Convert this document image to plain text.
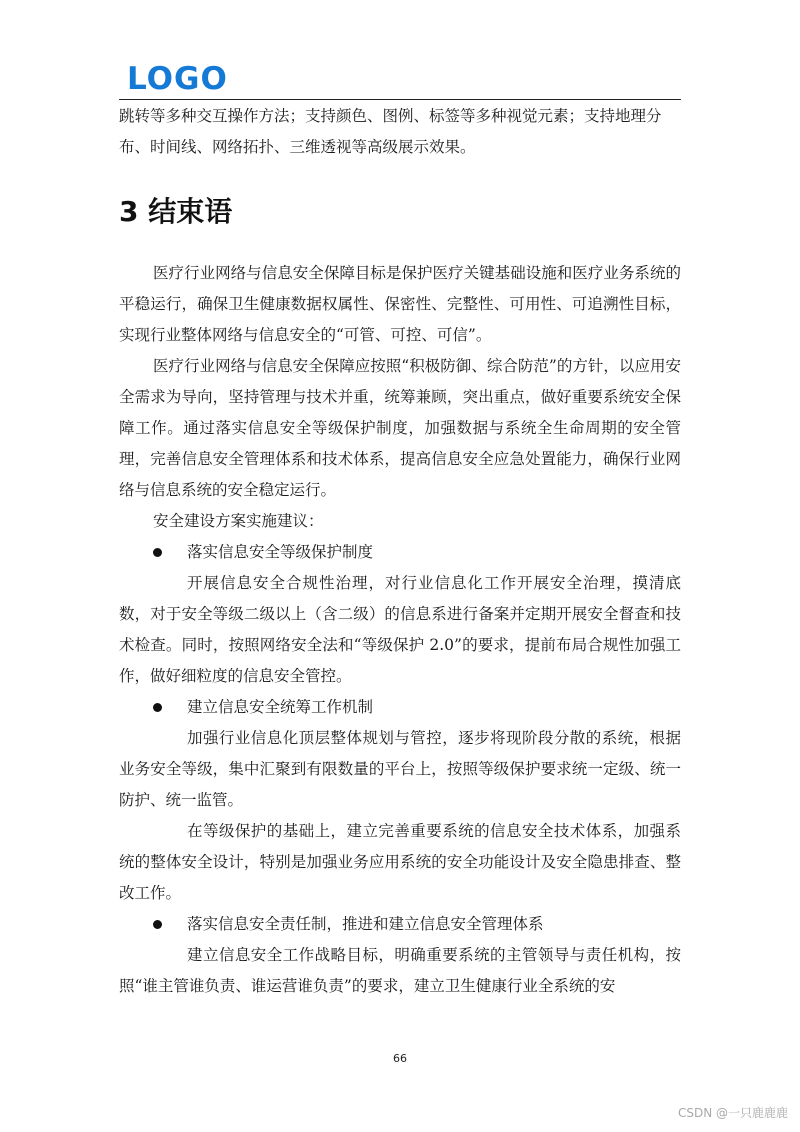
LOGO

跳转等多种交互操作方法；支持颜色、图例、标签等多种视觉元素；支持地理分

布、时间线、网络拓扑、三维透视等高级展示效果。

3 结束语

医疗行业网络与信息安全保障目标是保护医疗关键基础设施和医疗业务系统的平稳运行，确保卫生健康数据权属性、保密性、完整性、可用性、可追溯性目标，实现行业整体网络与信息安全的“可管、可控、可信”。

医疗行业网络与信息安全保障应按照“积极防御、综合防范”的方针，以应用安全需求为导向，坚持管理与技术并重，统筹兼顾，突出重点，做好重要系统安全保障工作。通过落实信息安全等级保护制度，加强数据与系统全生命周期的安全管理，完善信息安全管理体系和技术体系，提高信息安全应急处置能力，确保行业网络与信息系统的安全稳定运行。

安全建设方案实施建议：

落实信息安全等级保护制度

开展信息安全合规性治理，对行业信息化工作开展安全治理，摸清底数，对于安全等级二级以上（含二级）的信息系进行备案并定期开展安全督查和技术检查。同时，按照网络安全法和“等级保护 2.0”的要求，提前布局合规性加强工作，做好细粒度的信息安全管控。

建立信息安全统筹工作机制

加强行业信息化顶层整体规划与管控，逐步将现阶段分散的系统，根据业务安全等级，集中汇聚到有限数量的平台上，按照等级保护要求统一定级、统一防护、统一监管。

在等级保护的基础上，建立完善重要系统的信息安全技术体系，加强系统的整体安全设计，特别是加强业务应用系统的安全功能设计及安全隐患排查、整改工作。

落实信息安全责任制，推进和建立信息安全管理体系

建立信息安全工作战略目标，明确重要系统的主管领导与责任机构，按照“谁主管谁负责、谁运营谁负责”的要求，建立卫生健康行业全系统的安

66
CSDN @一只鹿鹿鹿
